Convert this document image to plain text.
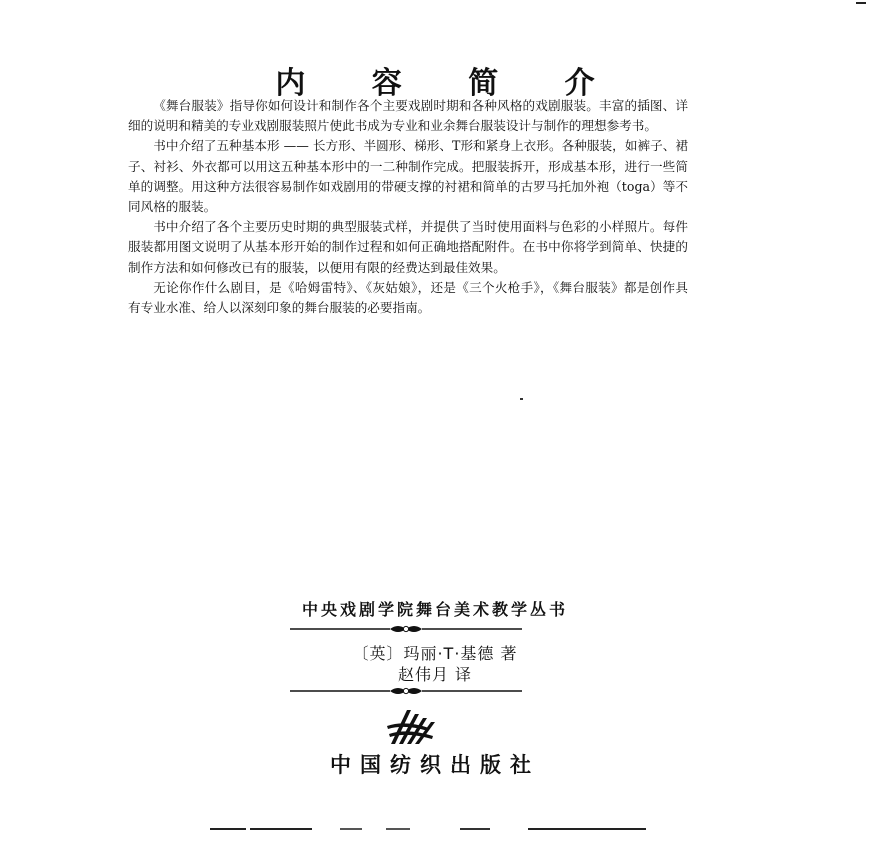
内 容 简 介

《舞台服装》指导你如何设计和制作各个主要戏剧时期和各种风格的戏剧服装。丰富的插图、详细的说明和精美的专业戏剧服装照片使此书成为专业和业余舞台服装设计与制作的理想参考书。

书中介绍了五种基本形 —— 长方形、半圆形、梯形、T形和紧身上衣形。各种服装，如裤子、裙子、衬衫、外衣都可以用这五种基本形中的一二种制作完成。把服装拆开，形成基本形，进行一些简单的调整。用这种方法很容易制作如戏剧用的带硬支撑的衬裙和简单的古罗马托加外袍（toga）等不同风格的服装。

书中介绍了各个主要历史时期的典型服装式样，并提供了当时使用面料与色彩的小样照片。每件服装都用图文说明了从基本形开始的制作过程和如何正确地搭配附件。在书中你将学到简单、快捷的制作方法和如何修改已有的服装，以便用有限的经费达到最佳效果。

无论你作什么剧目，是《哈姆雷特》、《灰姑娘》，还是《三个火枪手》，《舞台服装》都是创作具有专业水准、给人以深刻印象的舞台服装的必要指南。

中央戏剧学院舞台美术教学丛书
〔英〕玛丽·T·基德 著
赵伟月 译
中国纺织出版社
